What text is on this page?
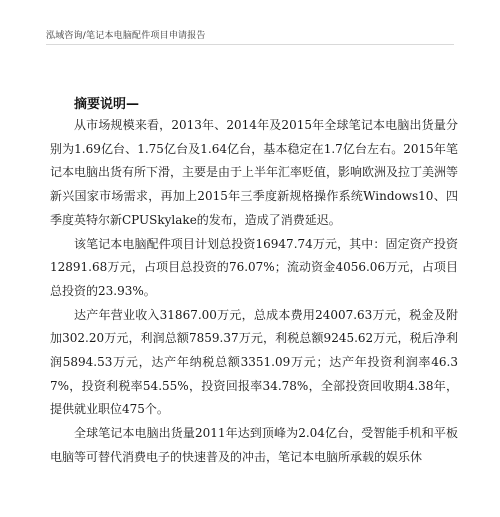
泓域咨询/笔记本电脑配件项目申请报告
摘要说明—

从市场规模来看，2013年、2014年及2015年全球笔记本电脑出货量分别为1.69亿台、1.75亿台及1.64亿台，基本稳定在1.7亿台左右。2015年笔记本电脑出货有所下滑，主要是由于上半年汇率贬值，影响欧洲及拉丁美洲等新兴国家市场需求，再加上2015年三季度新规格操作系统Windows10、四季度英特尔新CPUSkylake的发布，造成了消费延迟。

该笔记本电脑配件项目计划总投资16947.74万元，其中：固定资产投资12891.68万元，占项目总投资的76.07%；流动资金4056.06万元，占项目总投资的23.93%。

达产年营业收入31867.00万元，总成本费用24007.63万元，税金及附加302.20万元，利润总额7859.37万元，利税总额9245.62万元，税后净利润5894.53万元，达产年纳税总额3351.09万元；达产年投资利润率46.37%，投资利税率54.55%，投资回报率34.78%，全部投资回收期4.38年，提供就业职位475个。

全球笔记本电脑出货量2011年达到顶峰为2.04亿台，受智能手机和平板电脑等可替代消费电子的快速普及的冲击，笔记本电脑所承载的娱乐休
